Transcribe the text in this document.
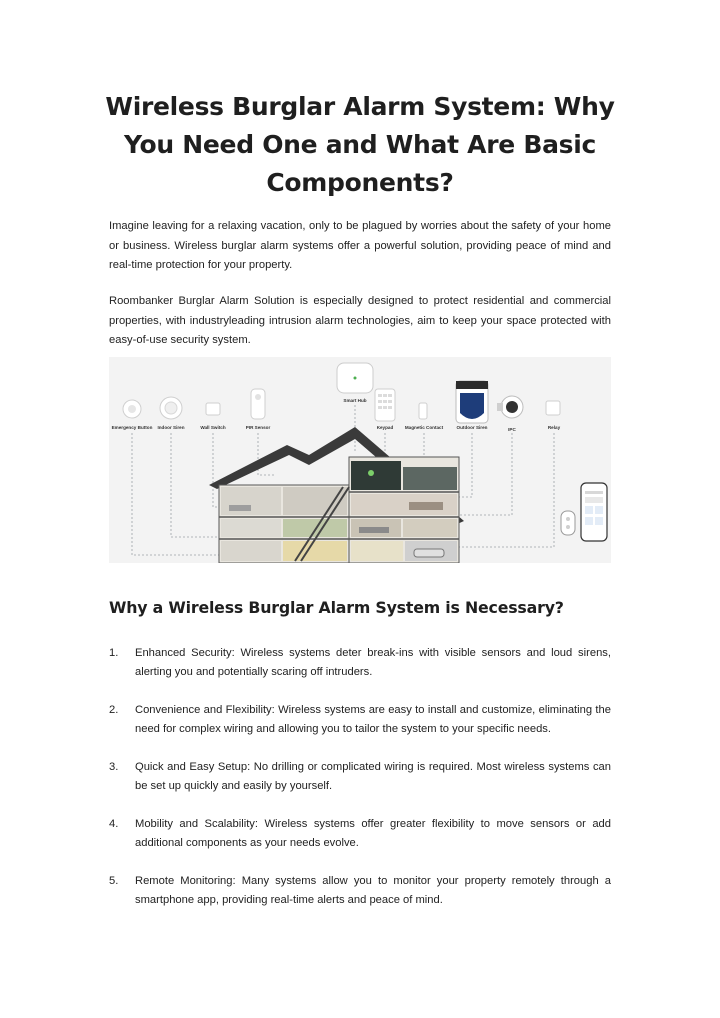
Wireless Burglar Alarm System: Why You Need One and What Are Basic Components?

Imagine leaving for a relaxing vacation, only to be plagued by worries about the safety of your home or business. Wireless burglar alarm systems offer a powerful solution, providing peace of mind and real-time protection for your property.

Roombanker Burglar Alarm Solution is especially designed to protect residential and commercial properties, with industryleading intrusion alarm technologies, aim to keep your space protected with easy-of-use security system.

Emergency Button Indoor Siren	Wall Switch	PIR Sensor
Smart Hub
Keypad	Magnetic Contact	Outdoor Siren	IPC	Relay
Why a Wireless Burglar Alarm System is Necessary?
1. Enhanced Security: Wireless systems deter break-ins with visible sensors and loud sirens, alerting you and potentially scaring off intruders.
2. Convenience and Flexibility: Wireless systems are easy to install and customize, eliminating the need for complex wiring and allowing you to tailor the system to your specific needs.
3. Quick and Easy Setup: No drilling or complicated wiring is required. Most wireless systems can be set up quickly and easily by yourself.
4. Mobility and Scalability: Wireless systems offer greater flexibility to move sensors or add additional components as your needs evolve.
5. Remote Monitoring: Many systems allow you to monitor your property remotely through a smartphone app, providing real-time alerts and peace of mind.
